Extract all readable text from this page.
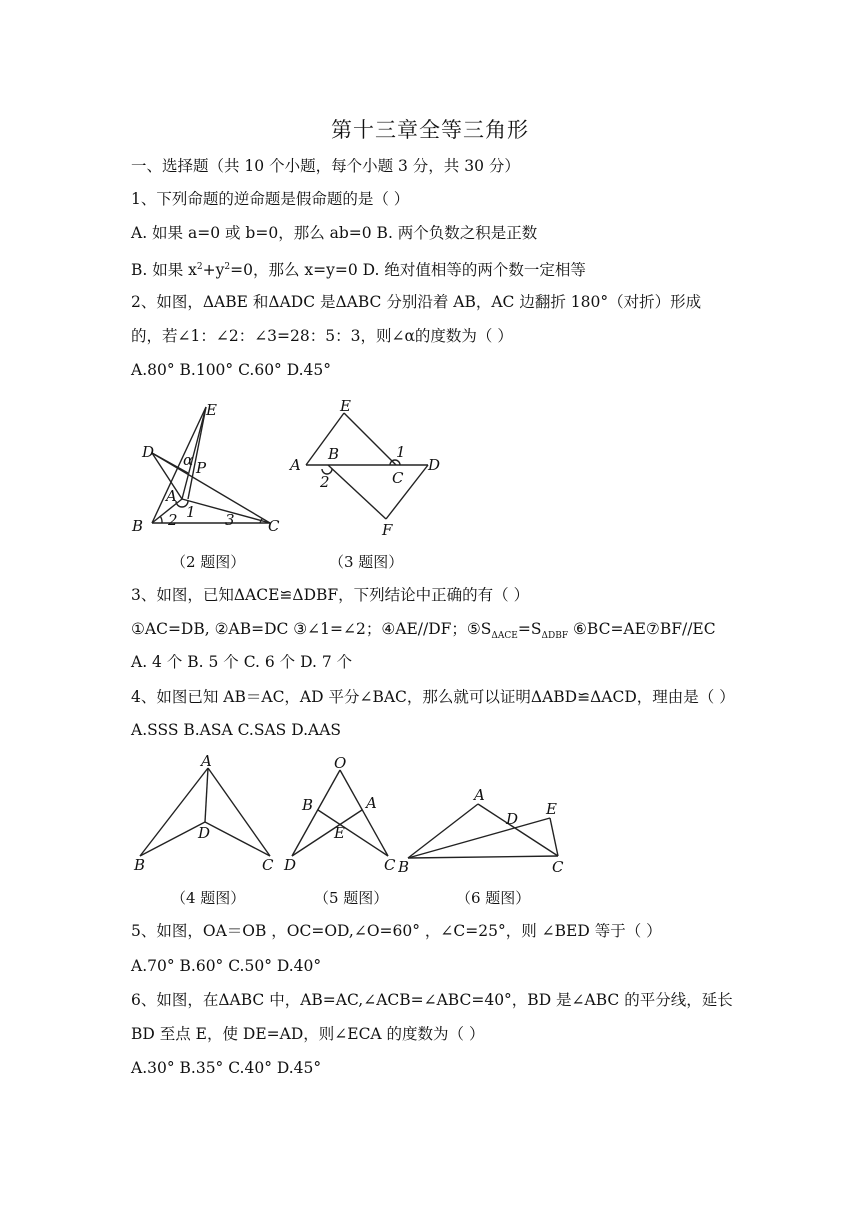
第十三章全等三角形
一、选择题（共 10 个小题，每个小题 3 分，共 30 分）
1、下列命题的逆命题是假命题的是（ ）
A. 如果 a=0 或 b=0，那么 ab=0 B. 两个负数之积是正数
B. 如果 $x^2+y^2=0$，那么 x=y=0 D. 绝对值相等的两个数一定相等
2、如图，ΔABE 和ΔADC 是ΔABC 分别沿着 AB，AC 边翻折 180°（对折）形成
的，若∠1：∠2：∠3=28：5：3，则∠α的度数为（ ）
A.80° B.100° C.60° D.45°
E
D α P
A
1
B 2	3 C
E
A
B	1
D
2	C
F
（2 题图）	（3 题图）
3、如图，已知ΔACE≌ΔDBF，下列结论中正确的有（ ）
①AC=DB, ②AB=DC ③∠1=∠2；④AE//DF；$⑤S_{\Delta ACE}=S_{\Delta DBF}$ ⑥BC=AE⑦BF//EC
A. 4 个 B. 5 个 C. 6 个 D. 7 个
4、如图已知 AB＝AC，AD 平分∠BAC，那么就可以证明ΔABD≌ΔACD，理由是（ ）
A.SSS B.ASA C.SAS D.AAS
A
D
B	C
O
B	A
E
C
D
A
E
D
B	C
（4 题图）	（5 题图）	（6 题图）
5、如图，OA＝OB ，OC=OD,∠O=60° ，∠C=25°，则 ∠BED 等于（ ）
A.70° B.60° C.50° D.40°
6、如图，在ΔABC 中，AB=AC,∠ACB=∠ABC=40°，BD 是∠ABC 的平分线，延长
BD 至点 E，使 DE=AD，则∠ECA 的度数为（ ）
A.30° B.35° C.40° D.45°
